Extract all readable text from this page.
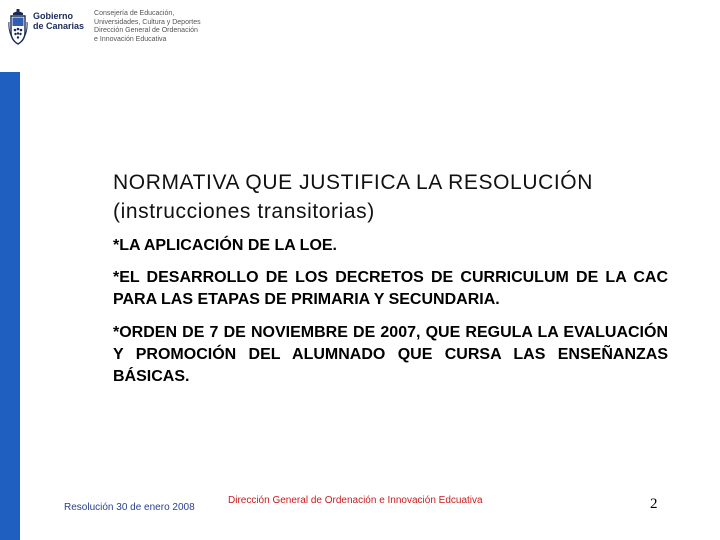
Gobierno
de Canarias
Consejería de Educación,
Universidades, Cultura y Deportes
Dirección General de Ordenación
e Innovación Educativa
NORMATIVA QUE JUSTIFICA LA RESOLUCIÓN
(instrucciones transitorias)
*LA APLICACIÓN DE LA LOE.
*EL DESARROLLO DE LOS DECRETOS DE CURRICULUM DE LA CAC PARA LAS ETAPAS DE PRIMARIA Y SECUNDARIA.
*ORDEN DE 7 DE NOVIEMBRE DE 2007, QUE REGULA LA EVALUACIÓN Y PROMOCIÓN DEL ALUMNADO QUE CURSA LAS ENSEÑANZAS BÁSICAS.
Resolución 30 de enero 2008
Dirección General de Ordenación e Innovación Edcuativa	2
